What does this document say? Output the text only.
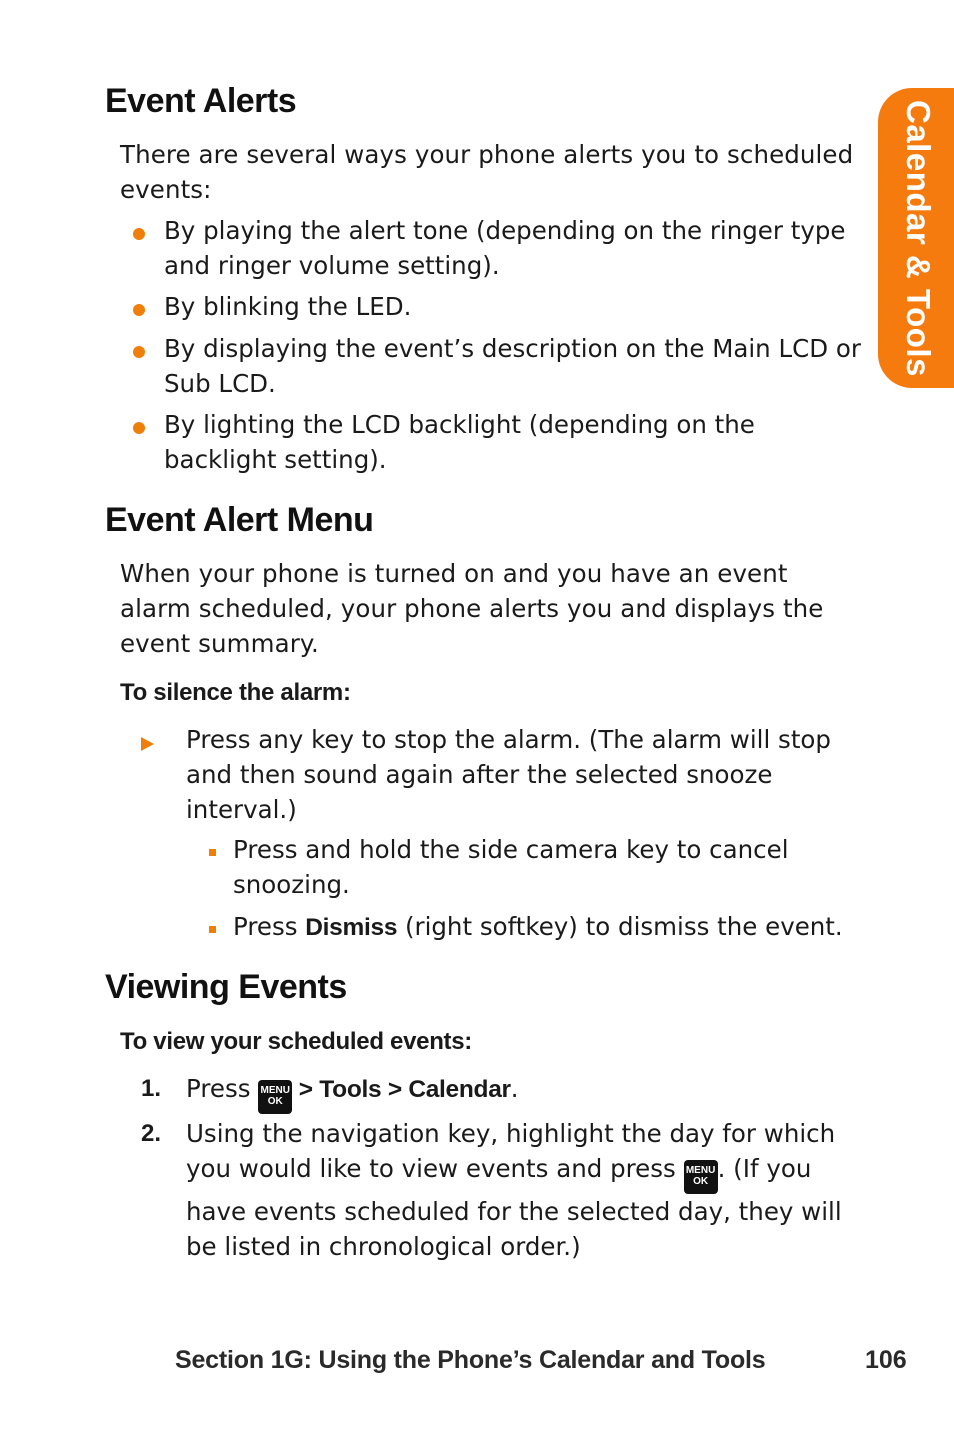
Calendar & Tools
Event Alerts

There are several ways your phone alerts you to scheduled events:

By playing the alert tone (depending on the ringer type and ringer volume setting).

By blinking the LED.

By displaying the event’s description on the Main LCD or Sub LCD.

By lighting the LCD backlight (depending on the backlight setting).

Event Alert Menu

When your phone is turned on and you have an event alarm scheduled, your phone alerts you and displays the event summary.

To silence the alarm:

Press any key to stop the alarm. (The alarm will stop and then sound again after the selected snooze interval.)

Press and hold the side camera key to cancel snoozing.

Press Dismiss (right softkey) to dismiss the event.

Viewing Events

To view your scheduled events:

1. Press MENU
OK > Tools > Calendar.

2. Using the navigation key, highlight the day for which you would like to view events and press MENU
OK . (If you have events scheduled for the selected day, they will be listed in chronological order.)

Section 1G: Using the Phone’s Calendar and Tools	106
